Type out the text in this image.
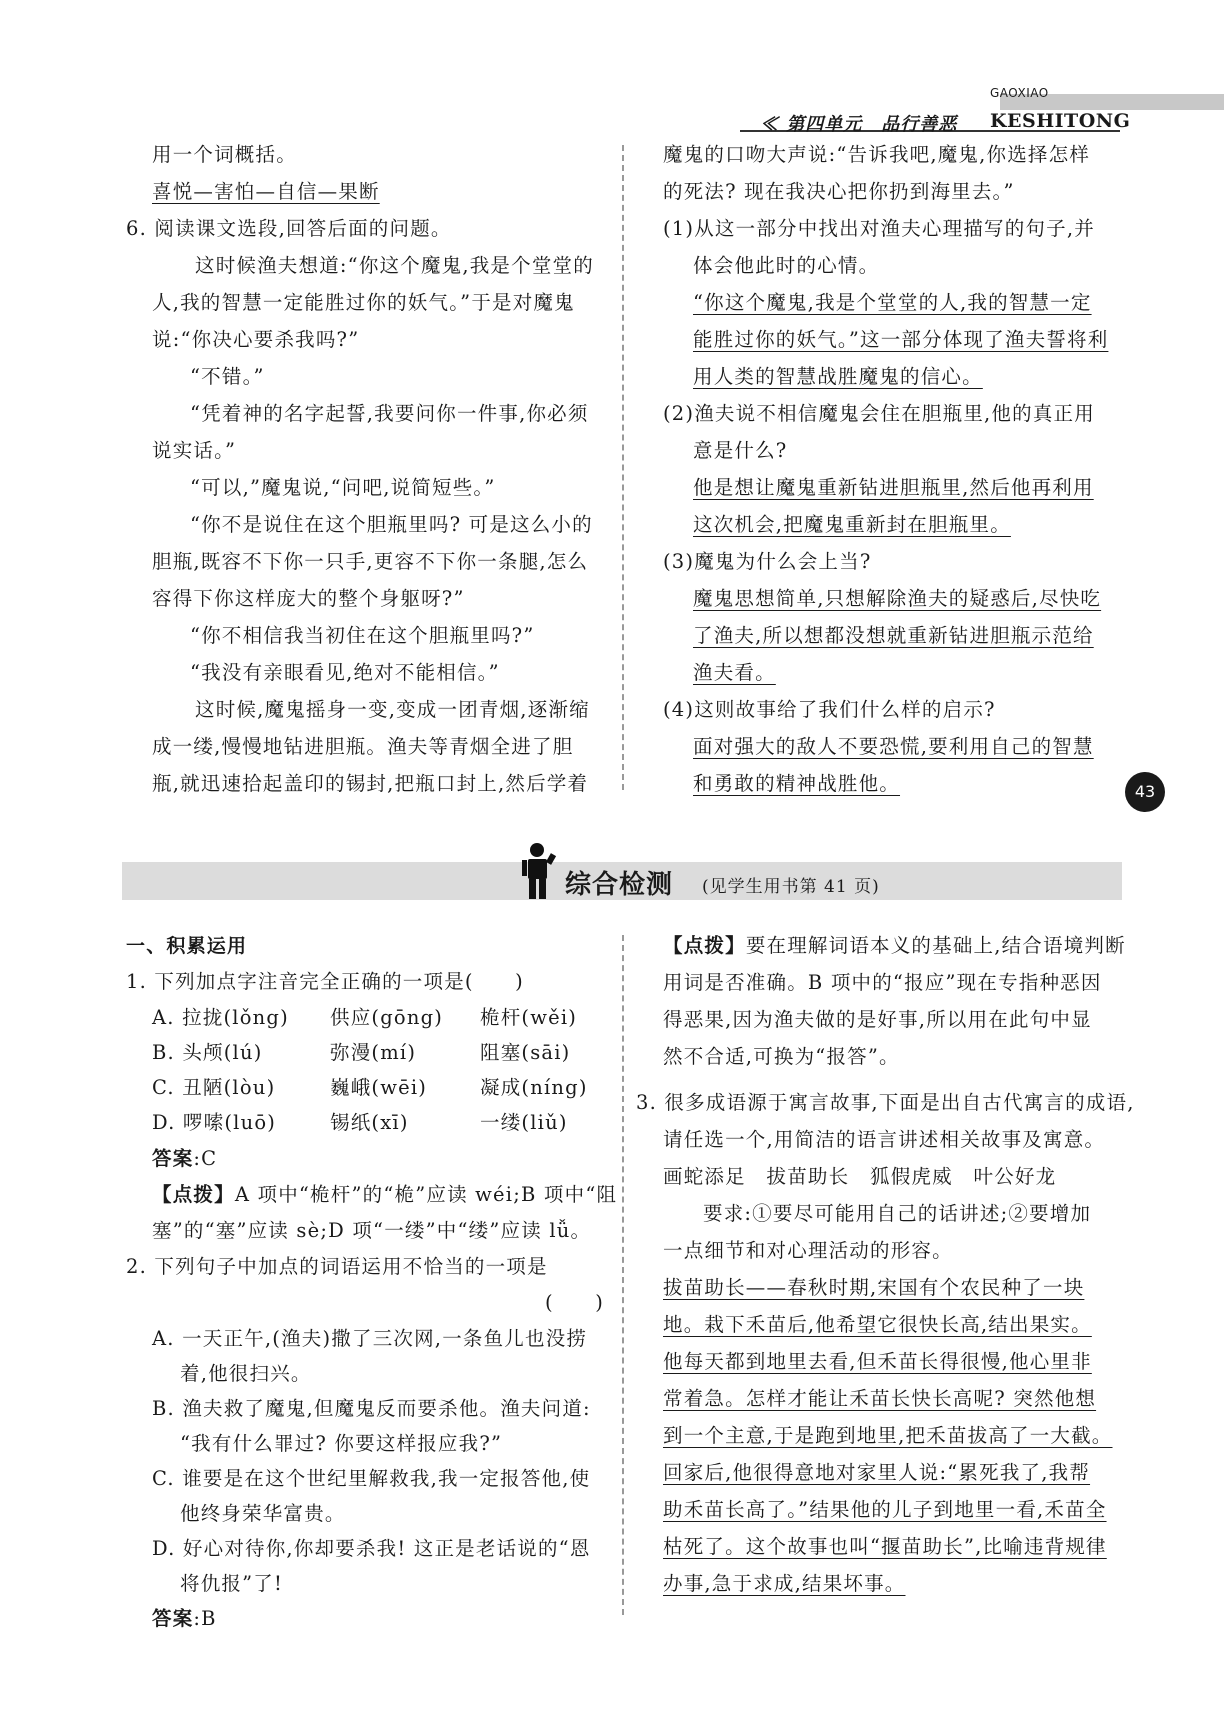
GAOXIAO
KESHITONG
≪ 第四单元　品行善恶
用一个词概括。
喜悦—害怕—自信—果断
6. 阅读课文选段,回答后面的问题。
这时候渔夫想道:“你这个魔鬼,我是个堂堂的
人,我的智慧一定能胜过你的妖气。”于是对魔鬼
说:“你决心要杀我吗?”
“不错。”
“凭着神的名字起誓,我要问你一件事,你必须
说实话。”
“可以,”魔鬼说,“问吧,说简短些。”
“你不是说住在这个胆瓶里吗? 可是这么小的
胆瓶,既容不下你一只手,更容不下你一条腿,怎么
容得下你这样庞大的整个身躯呀?”
“你不相信我当初住在这个胆瓶里吗?”
“我没有亲眼看见,绝对不能相信。”
这时候,魔鬼摇身一变,变成一团青烟,逐渐缩
成一缕,慢慢地钻进胆瓶。渔夫等青烟全进了胆
瓶,就迅速拾起盖印的锡封,把瓶口封上,然后学着
魔鬼的口吻大声说:“告诉我吧,魔鬼,你选择怎样
的死法? 现在我决心把你扔到海里去。”
(1)从这一部分中找出对渔夫心理描写的句子,并
体会他此时的心情。
“你这个魔鬼,我是个堂堂的人,我的智慧一定
能胜过你的妖气。”这一部分体现了渔夫誓将利
用人类的智慧战胜魔鬼的信心。
(2)渔夫说不相信魔鬼会住在胆瓶里,他的真正用
意是什么?
他是想让魔鬼重新钻进胆瓶里,然后他再利用
这次机会,把魔鬼重新封在胆瓶里。
(3)魔鬼为什么会上当?
魔鬼思想简单,只想解除渔夫的疑惑后,尽快吃
了渔夫,所以想都没想就重新钻进胆瓶示范给
渔夫看。
(4)这则故事给了我们什么样的启示?
面对强大的敌人不要恐慌,要利用自己的智慧
和勇敢的精神战胜他。	43
综合检测 (见学生用书第 41 页)
一、积累运用
1. 下列加点字注音完全正确的一项是(　　)
A. 拉拢(lǒng) 供应(gōng) 桅杆(wěi)
B. 头颅(lú)	弥漫(mí)	阻塞(sāi)
C. 丑陋(lòu)	巍峨(wēi)	凝成(níng)
D. 啰嗦(luō)	锡纸(xī)	一缕(liǔ)
答案:C
【点拨】A 项中“桅杆”的“桅”应读 wéi;B 项中“阻
塞”的“塞”应读 sè;D 项“一缕”中“缕”应读 lǚ。
2. 下列句子中加点的词语运用不恰当的一项是
(　　)
A. 一天正午,(渔夫)撒了三次网,一条鱼儿也没捞
着,他很扫兴。
B. 渔夫救了魔鬼,但魔鬼反而要杀他。渔夫问道:
“我有什么罪过? 你要这样报应我?”
C. 谁要是在这个世纪里解救我,我一定报答他,使
他终身荣华富贵。
D. 好心对待你,你却要杀我! 这正是老话说的“恩
将仇报”了!
答案:B
【点拨】要在理解词语本义的基础上,结合语境判断
用词是否准确。B 项中的“报应”现在专指种恶因
得恶果,因为渔夫做的是好事,所以用在此句中显
然不合适,可换为“报答”。
3. 很多成语源于寓言故事,下面是出自古代寓言的成语,
请任选一个,用简洁的语言讲述相关故事及寓意。
画蛇添足　拔苗助长　狐假虎威　叶公好龙
要求:①要尽可能用自己的话讲述;②要增加
一点细节和对心理活动的形容。
拔苗助长——春秋时期,宋国有个农民种了一块
地。栽下禾苗后,他希望它很快长高,结出果实。
他每天都到地里去看,但禾苗长得很慢,他心里非
常着急。怎样才能让禾苗长快长高呢? 突然他想
到一个主意,于是跑到地里,把禾苗拔高了一大截。
回家后,他很得意地对家里人说:“累死我了,我帮
助禾苗长高了。”结果他的儿子到地里一看,禾苗全
枯死了。这个故事也叫“揠苗助长”,比喻违背规律
办事,急于求成,结果坏事。
